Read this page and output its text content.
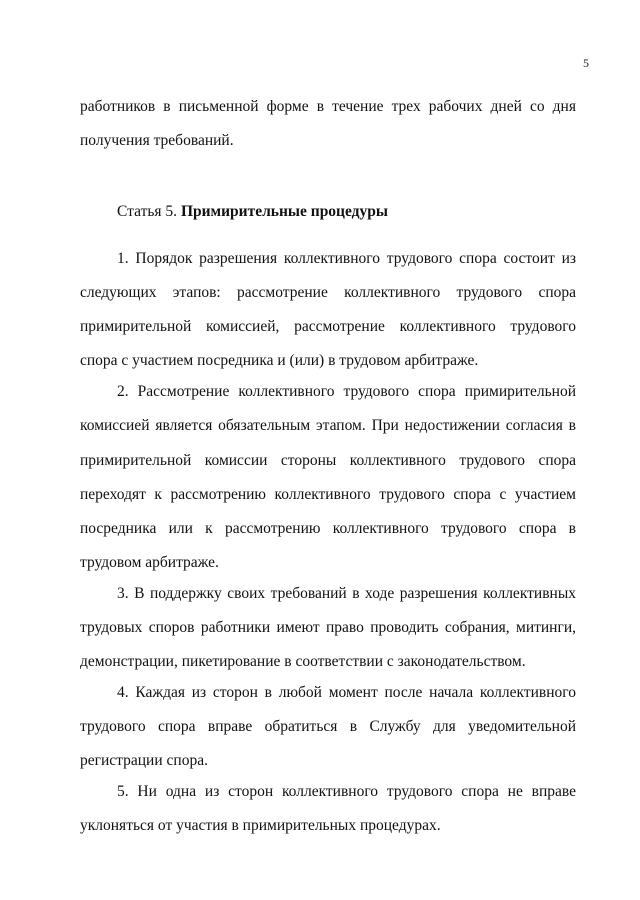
5
работников в письменной форме в течение трех рабочих дней со дня
получения требований.
Статья 5. Примирительные процедуры
1. Порядок разрешения коллективного трудового спора состоит из
следующих этапов: рассмотрение коллективного трудового спора
примирительной комиссией, рассмотрение коллективного трудового
спора с участием посредника и (или) в трудовом арбитраже.
2. Рассмотрение коллективного трудового спора примирительной
комиссией является обязательным этапом. При недостижении согласия в
примирительной комиссии стороны коллективного трудового спора
переходят к рассмотрению коллективного трудового спора с участием
посредника или к рассмотрению коллективного трудового спора в
трудовом арбитраже.
3. В поддержку своих требований в ходе разрешения коллективных
трудовых споров работники имеют право проводить собрания, митинги,
демонстрации, пикетирование в соответствии с законодательством.
4. Каждая из сторон в любой момент после начала коллективного
трудового спора вправе обратиться в Службу для уведомительной
регистрации спора.
5. Ни одна из сторон коллективного трудового спора не вправе
уклоняться от участия в примирительных процедурах.
